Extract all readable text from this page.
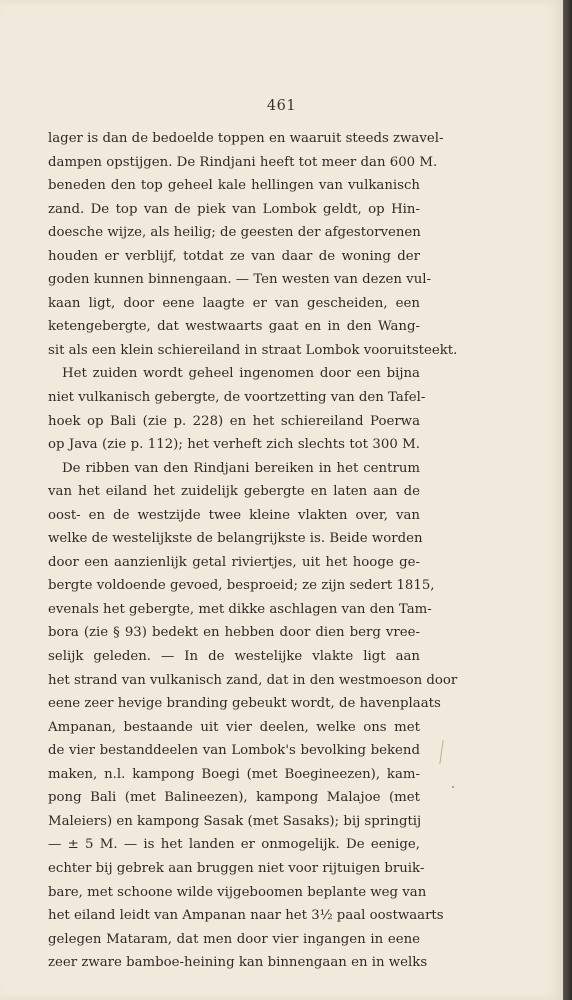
461
lager is dan de bedoelde toppen en waaruit steeds zwavel-
dampen opstijgen. De Rindjani heeft tot meer dan 600 M.
beneden den top geheel kale hellingen van vulkanisch
zand. De top van de piek van Lombok geldt, op Hin-
doesche wijze, als heilig; de geesten der afgestorvenen
houden er verblijf, totdat ze van daar de woning der
goden kunnen binnengaan. — Ten westen van dezen vul-
kaan ligt, door eene laagte er van gescheiden, een
ketengebergte, dat westwaarts gaat en in den Wang-
sit als een klein schiereiland in straat Lombok vooruitsteekt.
Het zuiden wordt geheel ingenomen door een bijna
niet vulkanisch gebergte, de voortzetting van den Tafel-
hoek op Bali (zie p. 228) en het schiereiland Poerwa
op Java (zie p. 112); het verheft zich slechts tot 300 M.
De ribben van den Rindjani bereiken in het centrum
van het eiland het zuidelijk gebergte en laten aan de
oost- en de westzijde twee kleine vlakten over, van
welke de westelijkste de belangrijkste is. Beide worden
door een aanzienlijk getal riviertjes, uit het hooge ge-
bergte voldoende gevoed, besproeid; ze zijn sedert 1815,
evenals het gebergte, met dikke aschlagen van den Tam-
bora (zie § 93) bedekt en hebben door dien berg vree-
selijk geleden. — In de westelijke vlakte ligt aan
het strand van vulkanisch zand, dat in den westmoeson door
eene zeer hevige branding gebeukt wordt, de havenplaats
Ampanan, bestaande uit vier deelen, welke ons met
de vier bestanddeelen van Lombok's bevolking bekend
maken, n.l. kampong Boegi (met Boegineezen), kam-
pong Bali (met Balineezen), kampong Malajoe (met
Maleiers) en kampong Sasak (met Sasaks); bij springtij
— ± 5 M. — is het landen er onmogelijk. De eenige,
echter bij gebrek aan bruggen niet voor rijtuigen bruik-
bare, met schoone wilde vijgeboomen beplante weg van
het eiland leidt van Ampanan naar het 3½ paal oostwaarts
gelegen Mataram, dat men door vier ingangen in eene
zeer zware bamboe-heining kan binnengaan en in welks
